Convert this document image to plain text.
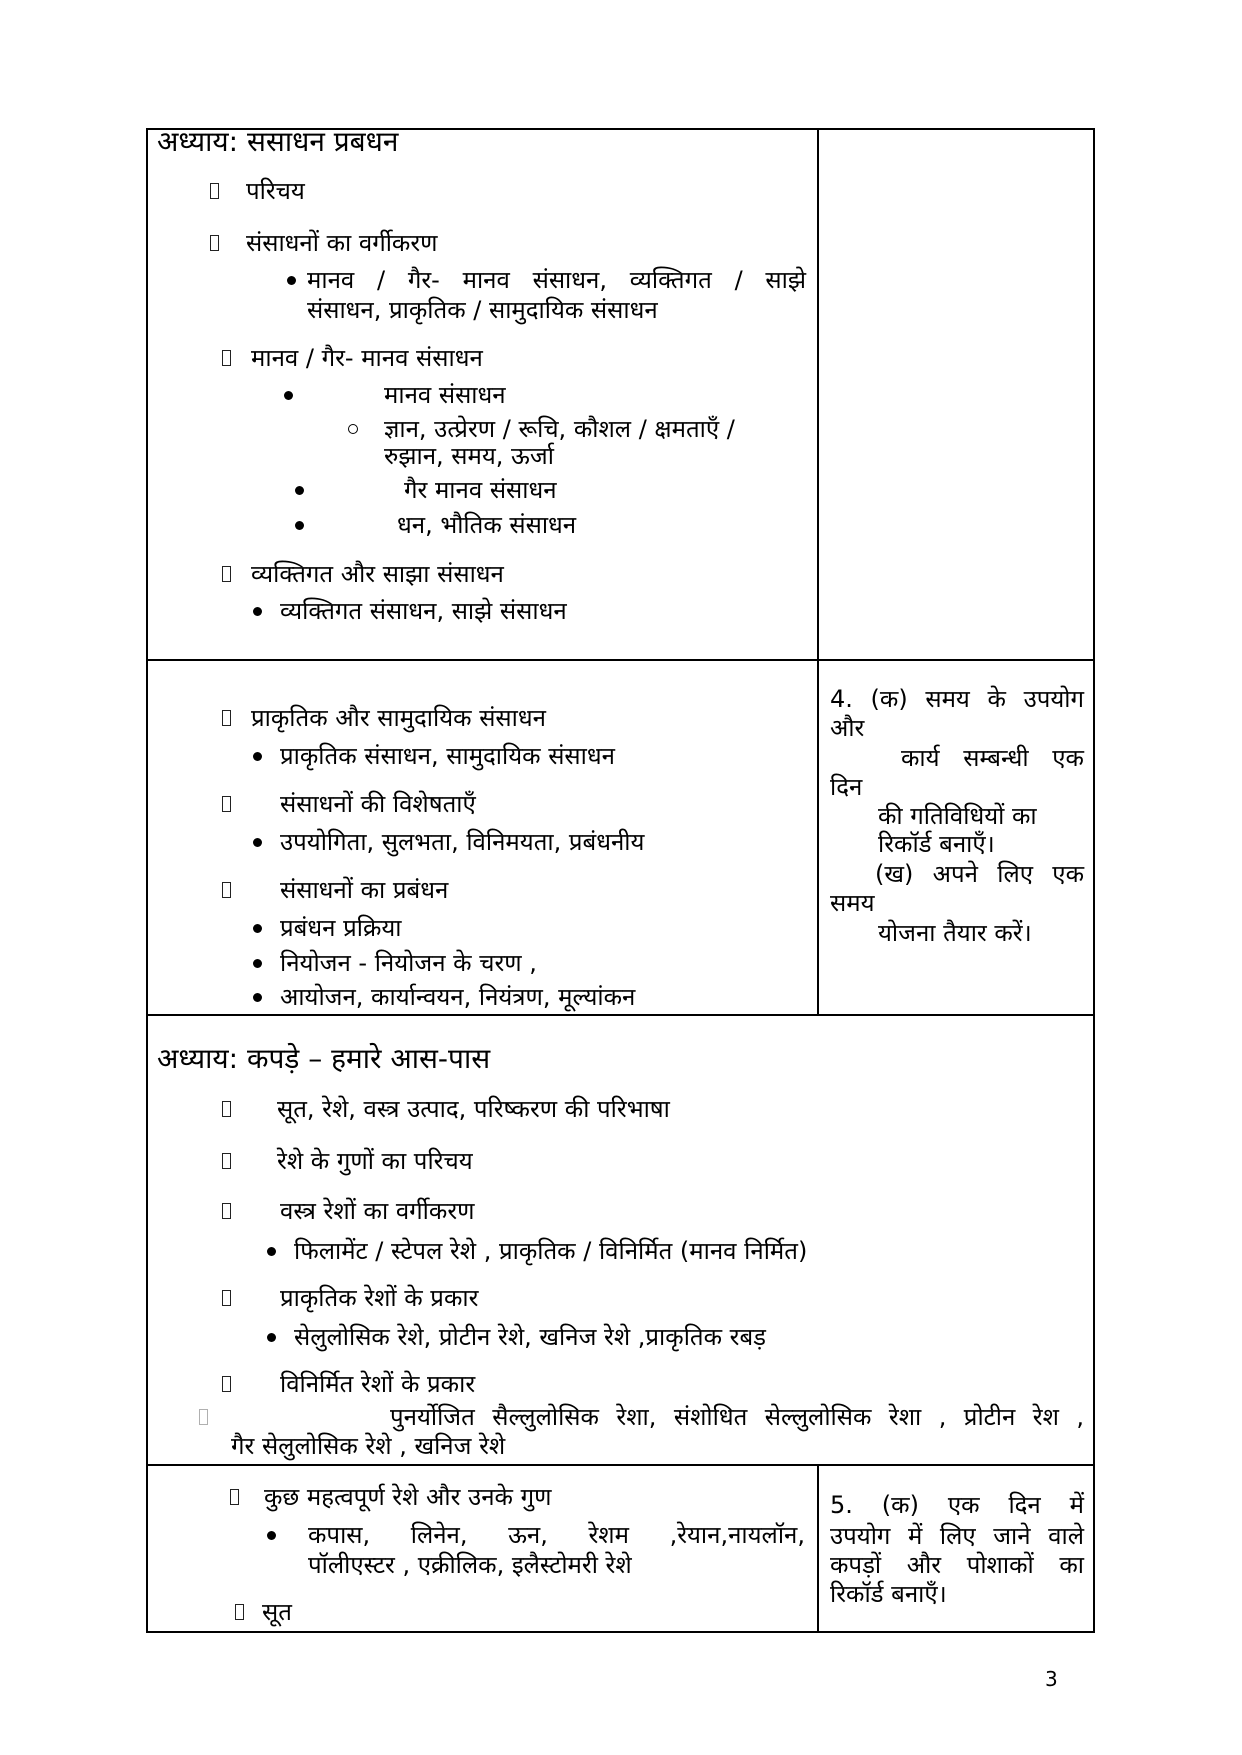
अध्याय: ससाधन प्रबधन
परिचय
संसाधनों का वर्गीकरण
मानव / गैर- मानव संसाधन, व्यक्तिगत / साझे
संसाधन, प्राकृतिक / सामुदायिक संसाधन
मानव / गैर- मानव संसाधन
मानव संसाधन
ज्ञान, उत्प्रेरण / रूचि, कौशल / क्षमताएँ /
रुझान, समय, ऊर्जा
गैर मानव संसाधन
धन, भौतिक संसाधन
व्यक्तिगत और साझा संसाधन
व्यक्तिगत संसाधन, साझे संसाधन
प्राकृतिक और सामुदायिक संसाधन
प्राकृतिक संसाधन, सामुदायिक संसाधन
संसाधनों की विशेषताएँ
उपयोगिता, सुलभता, विनिमयता, प्रबंधनीय
संसाधनों का प्रबंधन
प्रबंधन प्रक्रिया
नियोजन - नियोजन के चरण ,
आयोजन, कार्यान्वयन, नियंत्रण, मूल्यांकन
4. (क) समय के उपयोग
और
कार्य सम्बन्धी एक
दिन
की गतिविधियों का
रिकॉर्ड बनाएँ।
(ख) अपने लिए एक
समय
योजना तैयार करें।
अध्याय: कपड़े – हमारे आस-पास
सूत, रेशे, वस्त्र उत्पाद, परिष्करण की परिभाषा
रेशे के गुणों का परिचय
वस्त्र रेशों का वर्गीकरण
फिलामेंट / स्टेपल रेशे , प्राकृतिक / विनिर्मित (मानव निर्मित)
प्राकृतिक रेशों के प्रकार
सेलुलोसिक रेशे, प्रोटीन रेशे, खनिज रेशे ,प्राकृतिक रबड़
विनिर्मित रेशों के प्रकार
पुनर्योजित सैल्लुलोसिक रेशा, संशोधित सेल्लुलोसिक रेशा , प्रोटीन रेश ,
गैर सेलुलोसिक रेशे , खनिज रेशे
कुछ महत्वपूर्ण रेशे और उनके गुण
कपास, लिनेन, ऊन, रेशम ,रेयान,नायलॉन,
पॉलीएस्टर , एक्रीलिक, इलैस्टोमरी रेशे
सूत
5. (क) एक दिन में
उपयोग में लिए जाने वाले
कपड़ों और पोशाकों का
रिकॉर्ड बनाएँ।
3
